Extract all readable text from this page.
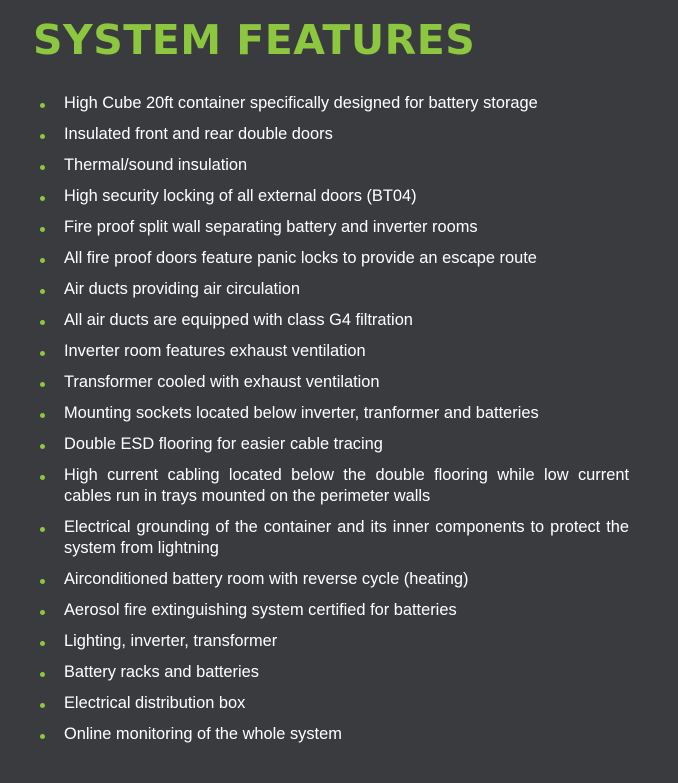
SYSTEM FEATURES
High Cube 20ft container specifically designed for battery storage
Insulated front and rear double doors
Thermal/sound insulation
High security locking of all external doors (BT04)
Fire proof split wall separating battery and inverter rooms
All fire proof doors feature panic locks to provide an escape route
Air ducts providing air circulation
All air ducts are equipped with class G4 filtration
Inverter room features exhaust ventilation
Transformer cooled with exhaust ventilation
Mounting sockets located below inverter, tranformer and batteries
Double ESD flooring for easier cable tracing
High current cabling located below the double flooring while low current cables run in trays mounted on the perimeter walls
Electrical grounding of the container and its inner components to protect the system from lightning
Airconditioned battery room with reverse cycle (heating)
Aerosol fire extinguishing system certified for batteries
Lighting, inverter, transformer
Battery racks and batteries
Electrical distribution box
Online monitoring of the whole system
